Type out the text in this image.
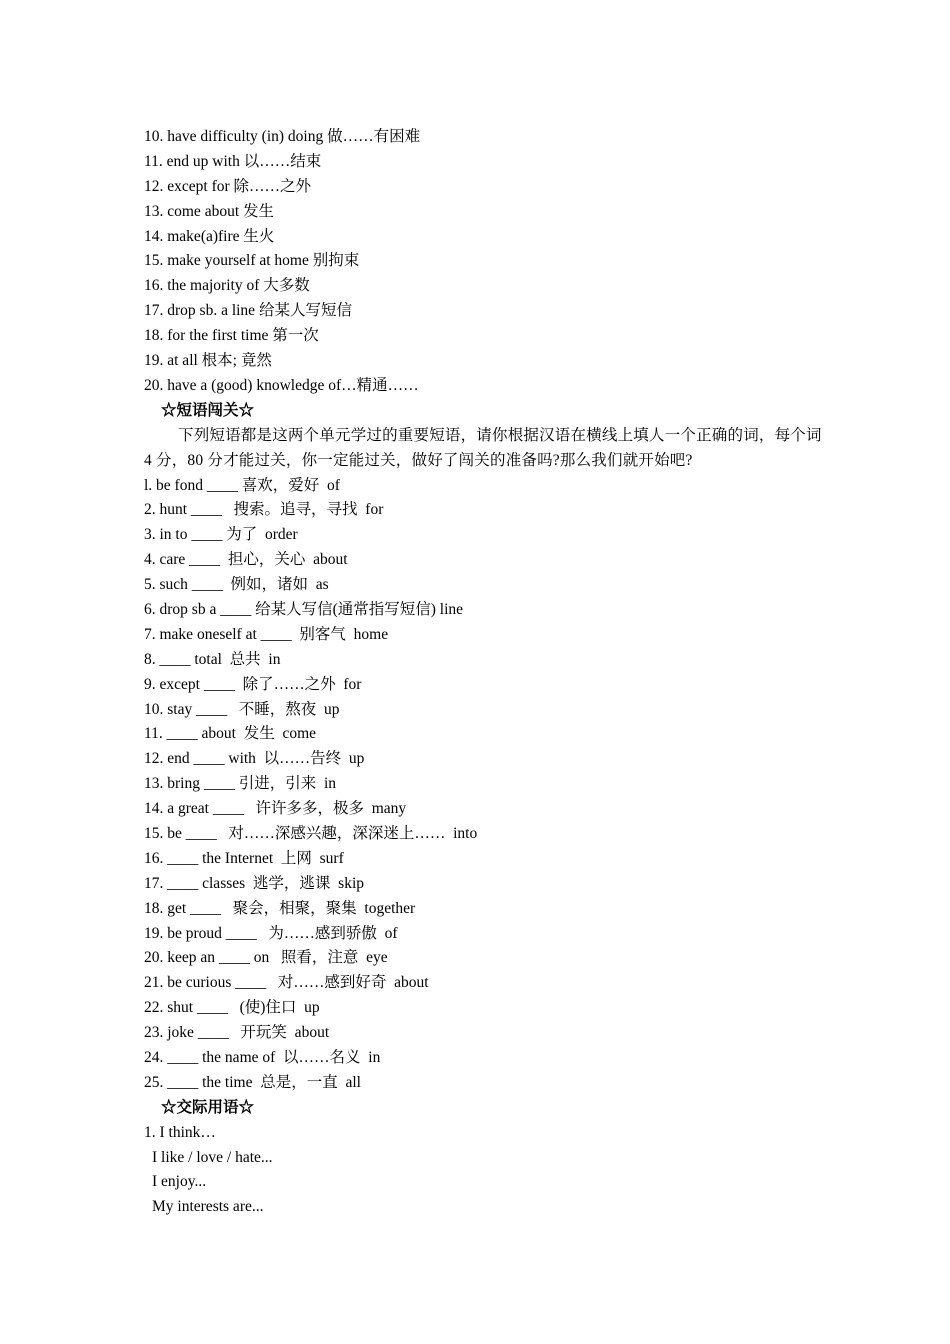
10. have difficulty (in) doing 做……有困难
11. end up with 以……结束
12. except for 除……之外
13. come about 发生
14. make(a)fire 生火
15. make yourself at home 别拘束
16. the majority of 大多数
17. drop sb. a line 给某人写短信
18. for the first time 第一次
19. at all 根本; 竟然
20. have a (good) knowledge of…精通……
☆短语闯关☆
下列短语都是这两个单元学过的重要短语，请你根据汉语在横线上填人一个正确的词，每个词 4 分，80 分才能过关，你一定能过关，做好了闯关的准备吗?那么我们就开始吧?
l. be fond ____ 喜欢，爱好  of
2. hunt ____   搜索。追寻，寻找  for
3. in to ____ 为了  order
4. care ____  担心，关心  about
5. such ____  例如，诸如  as
6. drop sb a ____ 给某人写信(通常指写短信) line
7. make oneself at ____  别客气  home
8. ____ total  总共  in
9. except ____  除了……之外  for
10. stay ____   不睡，熬夜  up
11. ____ about  发生  come
12. end ____ with  以……告终  up
13. bring ____ 引进，引来  in
14. a great ____   许许多多，极多  many
15. be ____   对……深感兴趣，深深迷上……  into
16. ____ the Internet  上网  surf
17. ____ classes  逃学，逃课  skip
18. get ____   聚会，相聚，聚集  together
19. be proud ____   为……感到骄傲  of
20. keep an ____ on   照看，注意  eye
21. be curious ____   对……感到好奇  about
22. shut ____   (使)住口  up
23. joke ____   开玩笑  about
24. ____ the name of  以……名义  in
25. ____ the time  总是，一直  all
☆交际用语☆
1. I think…
I like / love / hate...
I enjoy...
My interests are...
